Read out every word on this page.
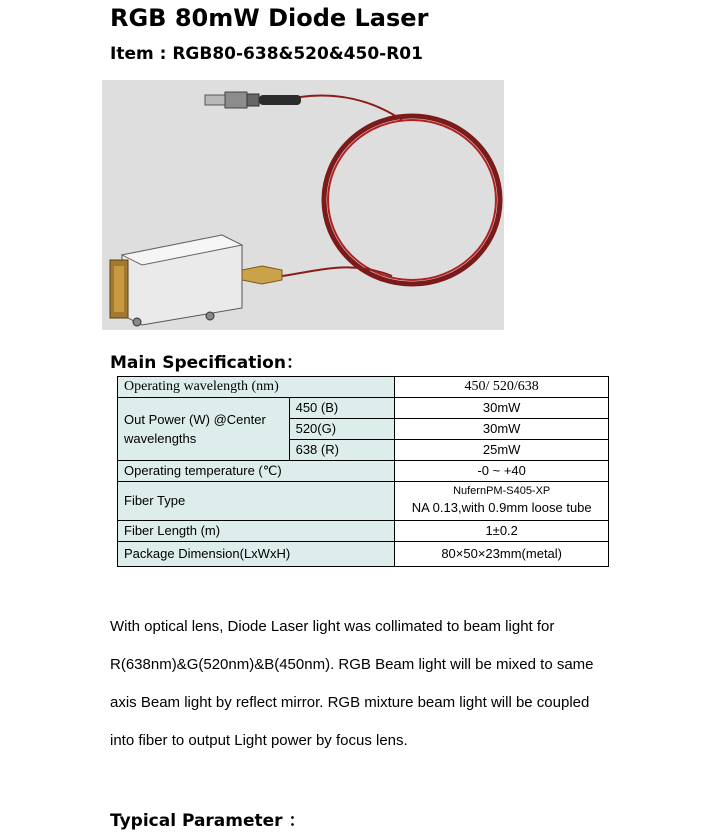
RGB 80mW Diode Laser
Item : RGB80-638&520&450-R01
Main Specification：
Operating wavelength (nm)		450/ 520/638
Out Power (W) @Center wavelengths	450 (B)	30mW
	520(G)	30mW
	638 (R)	25mW
Operating temperature (℃)		-0 ~ +40
Fiber Type		NufernPM-S405-XP
NA 0.13,with 0.9mm loose tube

Fiber Length (m)		1±0.2
Package Dimension(LxWxH)		80×50×23mm(metal)
With optical lens, Diode Laser light was collimated to beam light for
R(638nm)&G(520nm)&B(450nm). RGB Beam light will be mixed to same
axis Beam light by reflect mirror. RGB mixture beam light will be coupled
into fiber to output Light power by focus lens.
Typical Parameter ：
